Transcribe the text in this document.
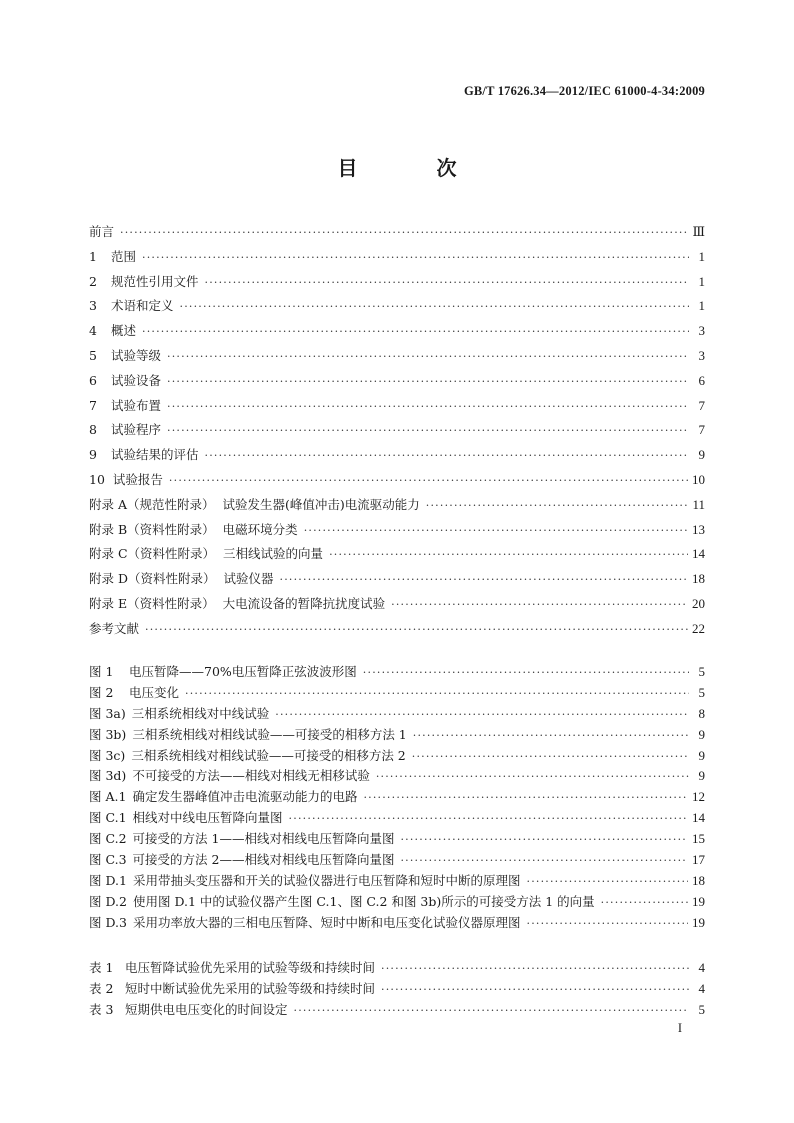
GB/T 17626.34—2012/IEC 61000-4-34:2009
目 次
前言 ·····	Ⅲ
1 范围 ·····	1
2 规范性引用文件 ·····	1
3 术语和定义 ·····	1
4 概述 ·····	3
5 试验等级 ·····	3
6 试验设备 ·····	6
7 试验布置 ·····	7
8 试验程序 ·····	7
9 试验结果的评估 ·····	9
10 试验报告 ·····	10
附录 A（规范性附录） 试验发生器(峰值冲击)电流驱动能力 ·····	11
附录 B（资料性附录） 电磁环境分类 ·····	13
附录 C（资料性附录） 三相线试验的向量 ·····	14
附录 D（资料性附录） 试验仪器 ·····	18
附录 E（资料性附录） 大电流设备的暂降抗扰度试验 ·····	20
参考文献 ·····	22
图 1 电压暂降——70%电压暂降正弦波波形图 ·····	5
图 2 电压变化 ·····	5
图 3a) 三相系统相线对中线试验 ·····	8
图 3b) 三相系统相线对相线试验——可接受的相移方法 1 ·····	9
图 3c) 三相系统相线对相线试验——可接受的相移方法 2 ·····	9
图 3d) 不可接受的方法——相线对相线无相移试验 ·····	9
图 A.1 确定发生器峰值冲击电流驱动能力的电路 ·····	12
图 C.1 相线对中线电压暂降向量图 ·····	14
图 C.2 可接受的方法 1——相线对相线电压暂降向量图 ·····	15
图 C.3 可接受的方法 2——相线对相线电压暂降向量图 ·····	17
图 D.1 采用带抽头变压器和开关的试验仪器进行电压暂降和短时中断的原理图 ·····	18
图 D.2 使用图 D.1 中的试验仪器产生图 C.1、图 C.2 和图 3b)所示的可接受方法 1 的向量 ·····	19
图 D.3 采用功率放大器的三相电压暂降、短时中断和电压变化试验仪器原理图 ·····	19
表 1 电压暂降试验优先采用的试验等级和持续时间 ·····	4
表 2 短时中断试验优先采用的试验等级和持续时间 ·····	4
表 3 短期供电电压变化的时间设定 ·····	5
I
